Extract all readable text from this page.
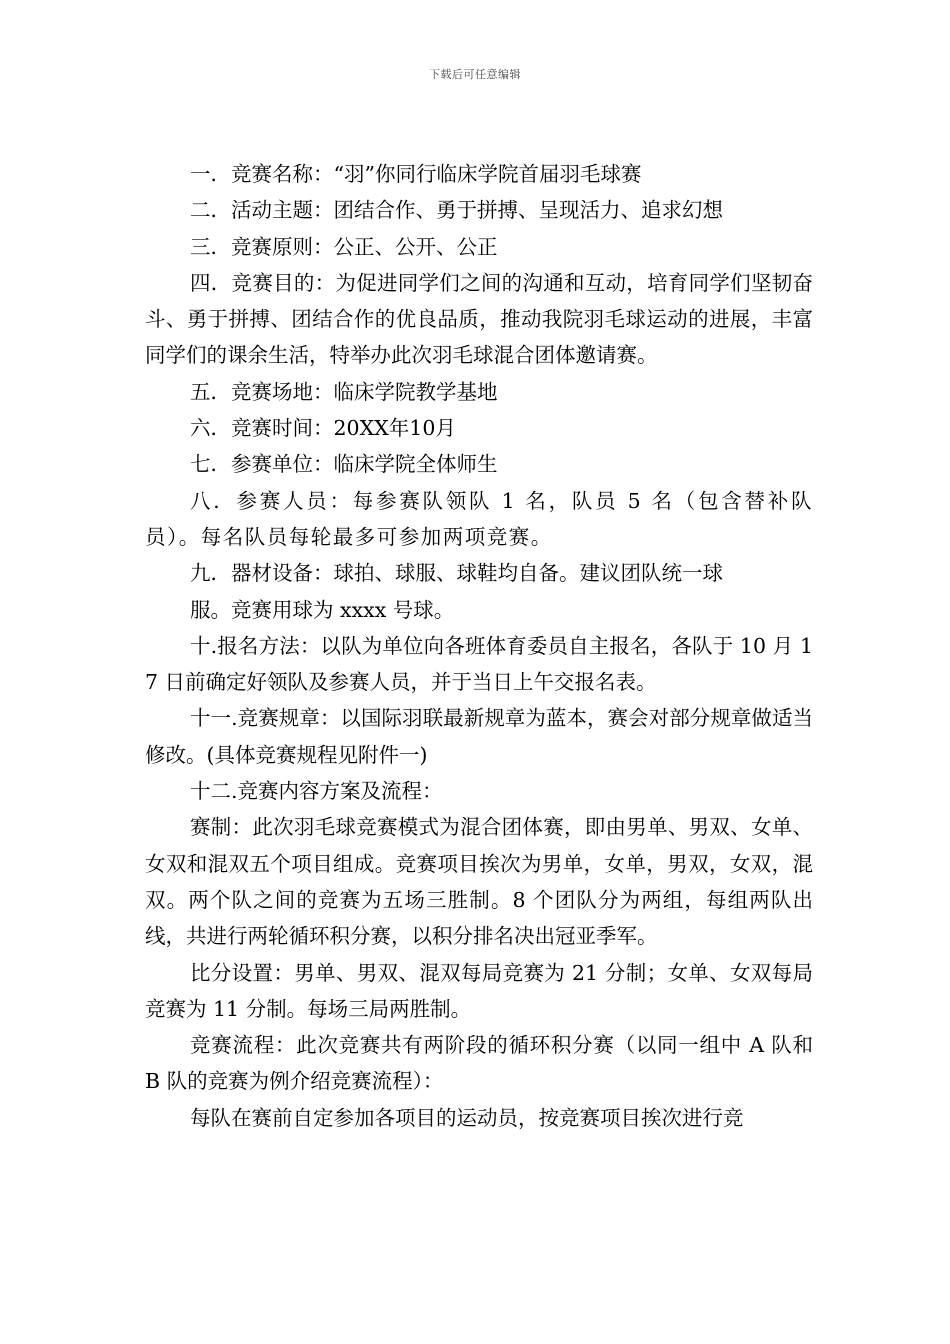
下载后可任意编辑

一．竞赛名称：“羽”你同行临床学院首届羽毛球赛

二．活动主题：团结合作、勇于拼搏、呈现活力、追求幻想

三．竞赛原则：公正、公开、公正

四．竞赛目的：为促进同学们之间的沟通和互动，培育同学们坚韧奋斗、勇于拼搏、团结合作的优良品质，推动我院羽毛球运动的进展，丰富同学们的课余生活，特举办此次羽毛球混合团体邀请赛。

五．竞赛场地：临床学院教学基地

六．竞赛时间：20XX年10月

七．参赛单位：临床学院全体师生

八．参赛人员：每参赛队领队 1 名，队员 5 名（包含替补队员）。每名队员每轮最多可参加两项竞赛。

九．器材设备：球拍、球服、球鞋均自备。建议团队统一球

服。竞赛用球为 xxxx 号球。

十.报名方法：以队为单位向各班体育委员自主报名，各队于 10 月 17 日前确定好领队及参赛人员，并于当日上午交报名表。

十一.竞赛规章：以国际羽联最新规章为蓝本，赛会对部分规章做适当修改。(具体竞赛规程见附件一)

十二.竞赛内容方案及流程：

赛制：此次羽毛球竞赛模式为混合团体赛，即由男单、男双、女单、女双和混双五个项目组成。竞赛项目挨次为男单，女单，男双，女双，混双。两个队之间的竞赛为五场三胜制。8 个团队分为两组，每组两队出线，共进行两轮循环积分赛，以积分排名决出冠亚季军。

比分设置：男单、男双、混双每局竞赛为 21 分制；女单、女双每局竞赛为 11 分制。每场三局两胜制。

竞赛流程：此次竞赛共有两阶段的循环积分赛（以同一组中 A 队和 B 队的竞赛为例介绍竞赛流程）：

每队在赛前自定参加各项目的运动员，按竞赛项目挨次进行竞
